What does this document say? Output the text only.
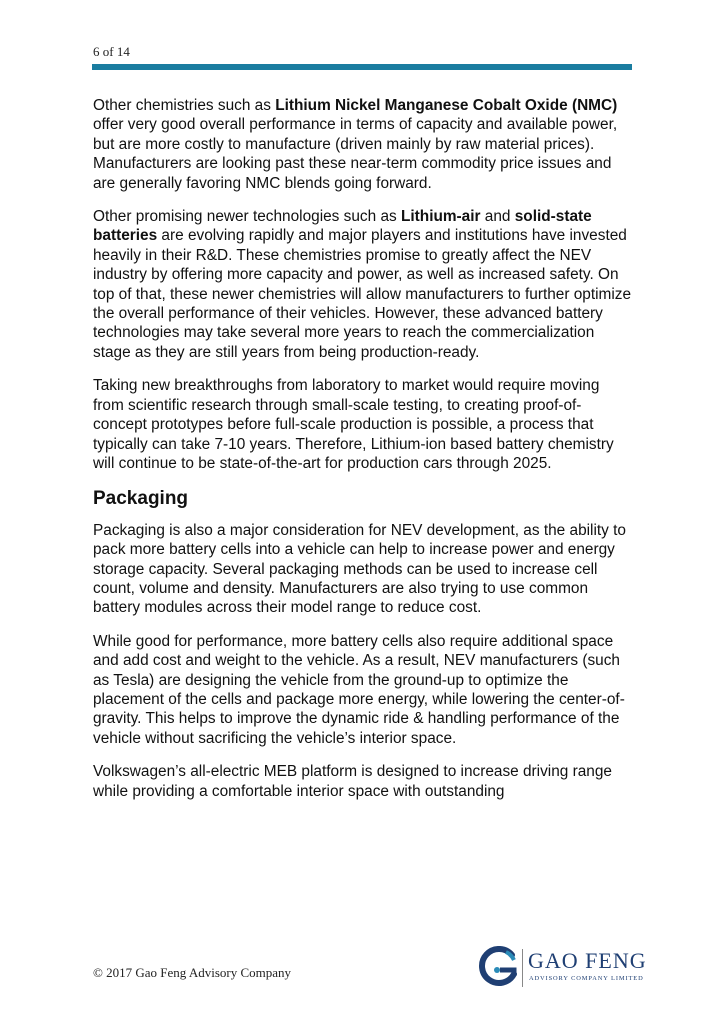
6 of 14

Other chemistries such as Lithium Nickel Manganese Cobalt Oxide (NMC) offer very good overall performance in terms of capacity and available power, but are more costly to manufacture (driven mainly by raw material prices). Manufacturers are looking past these near-term commodity price issues and are generally favoring NMC blends going forward.

Other promising newer technologies such as Lithium-air and solid-state batteries are evolving rapidly and major players and institutions have invested heavily in their R&D. These chemistries promise to greatly affect the NEV industry by offering more capacity and power, as well as increased safety. On top of that, these newer chemistries will allow manufacturers to further optimize the overall performance of their vehicles. However, these advanced battery technologies may take several more years to reach the commercialization stage as they are still years from being production-ready.

Taking new breakthroughs from laboratory to market would require moving from scientific research through small-scale testing, to creating proof-of-concept prototypes before full-scale production is possible, a process that typically can take 7-10 years. Therefore, Lithium-ion based battery chemistry will continue to be state-of-the-art for production cars through 2025.

Packaging

Packaging is also a major consideration for NEV development, as the ability to pack more battery cells into a vehicle can help to increase power and energy storage capacity. Several packaging methods can be used to increase cell count, volume and density. Manufacturers are also trying to use common battery modules across their model range to reduce cost.

While good for performance, more battery cells also require additional space and add cost and weight to the vehicle. As a result, NEV manufacturers (such as Tesla) are designing the vehicle from the ground-up to optimize the placement of the cells and package more energy, while lowering the center-of-gravity. This helps to improve the dynamic ride & handling performance of the vehicle without sacrificing the vehicle’s interior space.

Volkswagen’s all-electric MEB platform is designed to increase driving range while providing a comfortable interior space with outstanding

© 2017 Gao Feng Advisory Company	GAO FENG
ADVISORY COMPANY LIMITED
